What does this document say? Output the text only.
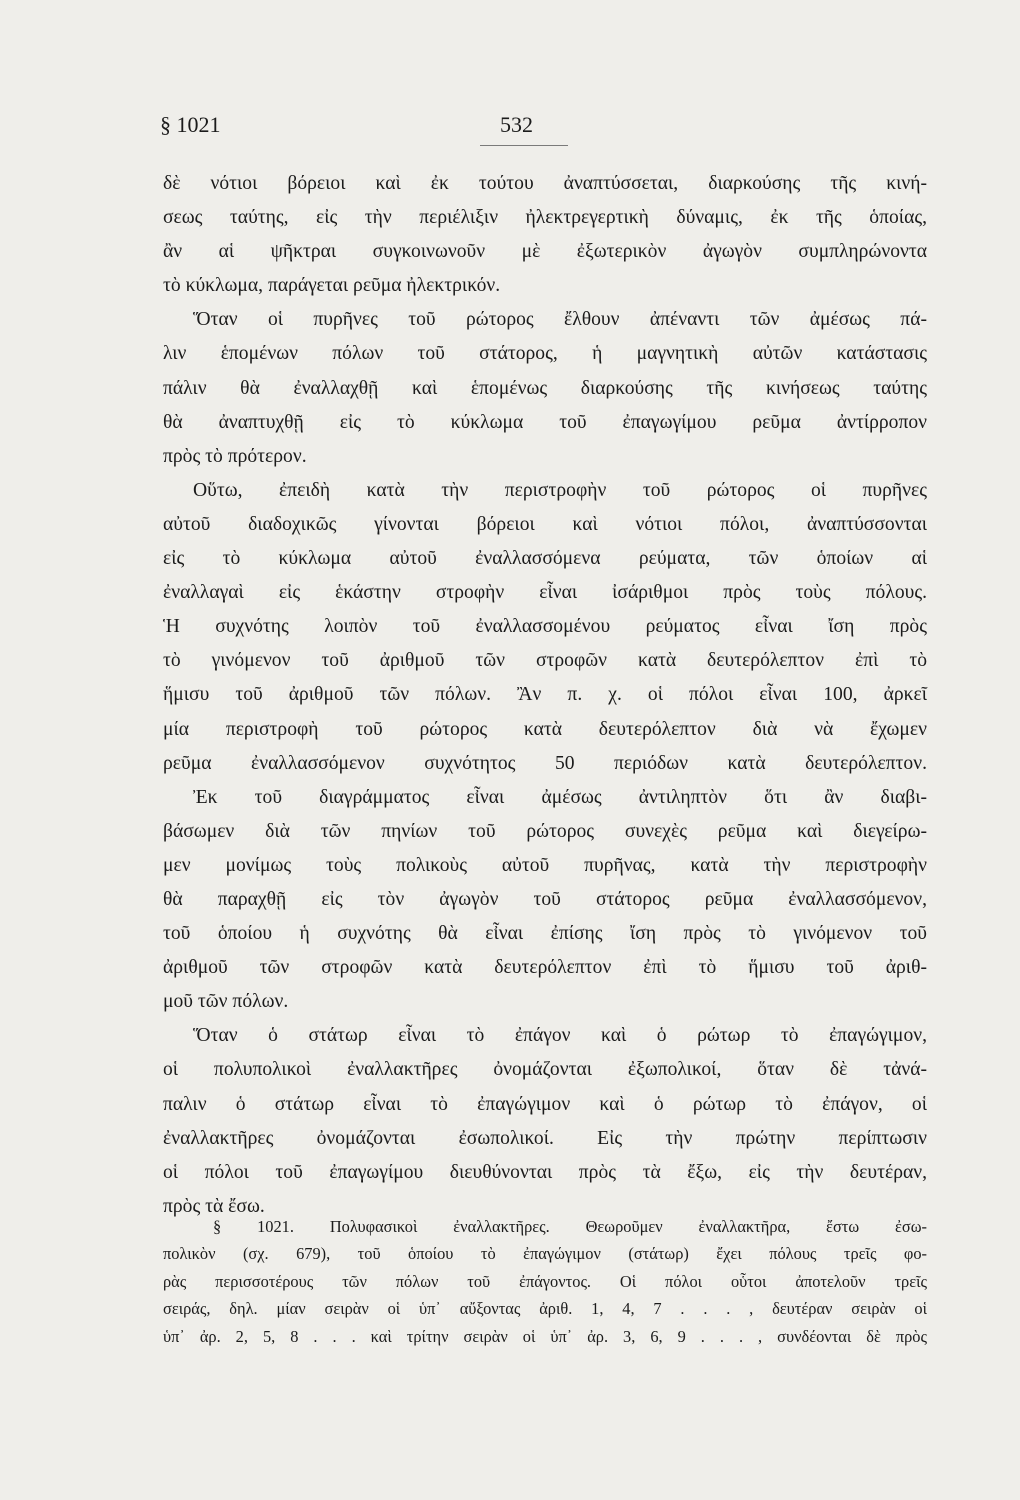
§ 1021	532

δὲ νότιοι βόρειοι καὶ ἐκ τούτου ἀναπτύσσεται, διαρκούσης τῆς κινή-
σεως ταύτης, εἰς τὴν περιέλιξιν ἠλεκτρεγερτικὴ δύναμις, ἐκ τῆς ὁποίας,
ἂν αἱ ψῆκτραι συγκοινωνοῦν μὲ ἐξωτερικὸν ἀγωγὸν συμπληρώνοντα
τὸ κύκλωμα, παράγεται ρεῦμα ἠλεκτρικόν.

Ὅταν οἱ πυρῆνες τοῦ ρώτορος ἔλθουν ἀπέναντι τῶν ἀμέσως πά-
λιν ἑπομένων πόλων τοῦ στάτορος, ἡ μαγνητικὴ αὐτῶν κατάστασις
πάλιν θὰ ἐναλλαχθῇ καὶ ἑπομένως διαρκούσης τῆς κινήσεως ταύτης
θὰ ἀναπτυχθῇ εἰς τὸ κύκλωμα τοῦ ἐπαγωγίμου ρεῦμα ἀντίρροπον
πρὸς τὸ πρότερον.

Οὕτω, ἐπειδὴ κατὰ τὴν περιστροφὴν τοῦ ρώτορος οἱ πυρῆνες
αὐτοῦ διαδοχικῶς γίνονται βόρειοι καὶ νότιοι πόλοι, ἀναπτύσσονται
εἰς τὸ κύκλωμα αὐτοῦ ἐναλλασσόμενα ρεύματα, τῶν ὁποίων αἱ
ἐναλλαγαὶ εἰς ἑκάστην στροφὴν εἶναι ἰσάριθμοι πρὸς τοὺς πόλους.
Ἡ συχνότης λοιπὸν τοῦ ἐναλλασσομένου ρεύματος εἶναι ἴση πρὸς
τὸ γινόμενον τοῦ ἀριθμοῦ τῶν στροφῶν κατὰ δευτερόλεπτον ἐπὶ τὸ
ἥμισυ τοῦ ἀριθμοῦ τῶν πόλων. Ἂν π. χ. οἱ πόλοι εἶναι 100, ἀρκεῖ
μία περιστροφὴ τοῦ ρώτορος κατὰ δευτερόλεπτον διὰ νὰ ἔχωμεν
ρεῦμα ἐναλλασσόμενον συχνότητος 50 περιόδων κατὰ δευτερόλεπτον.

Ἐκ τοῦ διαγράμματος εἶναι ἀμέσως ἀντιληπτὸν ὅτι ἂν διαβι-
βάσωμεν διὰ τῶν πηνίων τοῦ ρώτορος συνεχὲς ρεῦμα καὶ διεγείρω-
μεν μονίμως τοὺς πολικοὺς αὐτοῦ πυρῆνας, κατὰ τὴν περιστροφὴν
θὰ παραχθῇ εἰς τὸν ἀγωγὸν τοῦ στάτορος ρεῦμα ἐναλλασσόμενον,
τοῦ ὁποίου ἡ συχνότης θὰ εἶναι ἐπίσης ἴση πρὸς τὸ γινόμενον τοῦ
ἀριθμοῦ τῶν στροφῶν κατὰ δευτερόλεπτον ἐπὶ τὸ ἥμισυ τοῦ ἀριθ-
μοῦ τῶν πόλων.

Ὅταν ὁ στάτωρ εἶναι τὸ ἐπάγον καὶ ὁ ρώτωρ τὸ ἐπαγώγιμον,
οἱ πολυπολικοὶ ἐναλλακτῆρες ὀνομάζονται ἐξωπολικοί, ὅταν δὲ τἀνά-
παλιν ὁ στάτωρ εἶναι τὸ ἐπαγώγιμον καὶ ὁ ρώτωρ τὸ ἐπάγον, οἱ
ἐναλλακτῆρες ὀνομάζονται ἐσωπολικοί. Εἰς τὴν πρώτην περίπτωσιν
οἱ πόλοι τοῦ ἐπαγωγίμου διευθύνονται πρὸς τὰ ἔξω, εἰς τὴν δευτέραν,
πρὸς τὰ ἔσω.

§ 1021. Πολυφασικοὶ ἐναλλακτῆρες. Θεωροῦμεν ἐναλλακτῆρα, ἔστω ἐσω-
πολικὸν (σχ. 679), τοῦ ὁποίου τὸ ἐπαγώγιμον (στάτωρ) ἔχει πόλους τρεῖς φο-
ρὰς περισσοτέρους τῶν πόλων τοῦ ἐπάγοντος. Οἱ πόλοι οὗτοι ἀποτελοῦν τρεῖς
σειράς, δηλ. μίαν σειρὰν οἱ ὑπ᾿ αὔξοντας ἀριθ. 1, 4, 7 . . . , δευτέραν σειρὰν οἱ
ὑπ᾿ ἀρ. 2, 5, 8 . . . καὶ τρίτην σειρὰν οἱ ὑπ᾿ ἀρ. 3, 6, 9 . . . , συνδέονται δὲ πρὸς
